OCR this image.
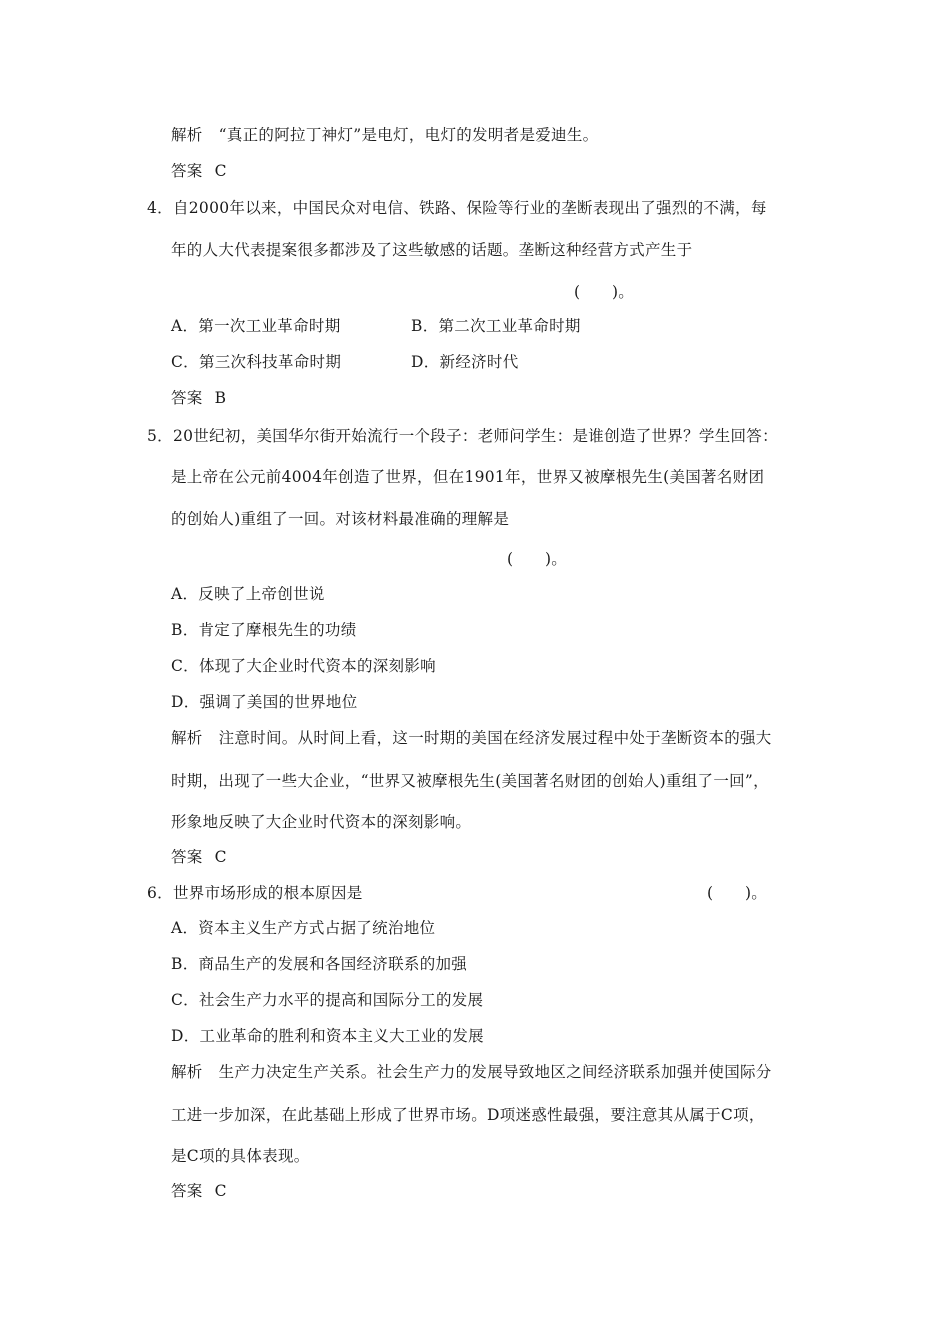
解析 “真正的阿拉丁神灯”是电灯，电灯的发明者是爱迪生。
答案 C
4．自2000年以来，中国民众对电信、铁路、保险等行业的垄断表现出了强烈的不满，每
年的人大代表提案很多都涉及了这些敏感的话题。垄断这种经营方式产生于
(　　)。
A．第一次工业革命时期	B．第二次工业革命时期
C．第三次科技革命时期	D．新经济时代
答案 B
5．20世纪初，美国华尔街开始流行一个段子：老师问学生：是谁创造了世界？学生回答：
是上帝在公元前4004年创造了世界，但在1901年，世界又被摩根先生(美国著名财团
的创始人)重组了一回。对该材料最准确的理解是
(　　)。
A．反映了上帝创世说
B．肯定了摩根先生的功绩
C．体现了大企业时代资本的深刻影响
D．强调了美国的世界地位
解析 注意时间。从时间上看，这一时期的美国在经济发展过程中处于垄断资本的强大
时期，出现了一些大企业，“世界又被摩根先生(美国著名财团的创始人)重组了一回”，
形象地反映了大企业时代资本的深刻影响。
答案 C
6．世界市场形成的根本原因是	(　　)。
A．资本主义生产方式占据了统治地位
B．商品生产的发展和各国经济联系的加强
C．社会生产力水平的提高和国际分工的发展
D．工业革命的胜利和资本主义大工业的发展
解析 生产力决定生产关系。社会生产力的发展导致地区之间经济联系加强并使国际分
工进一步加深，在此基础上形成了世界市场。D项迷惑性最强，要注意其从属于C项，
是C项的具体表现。
答案 C
